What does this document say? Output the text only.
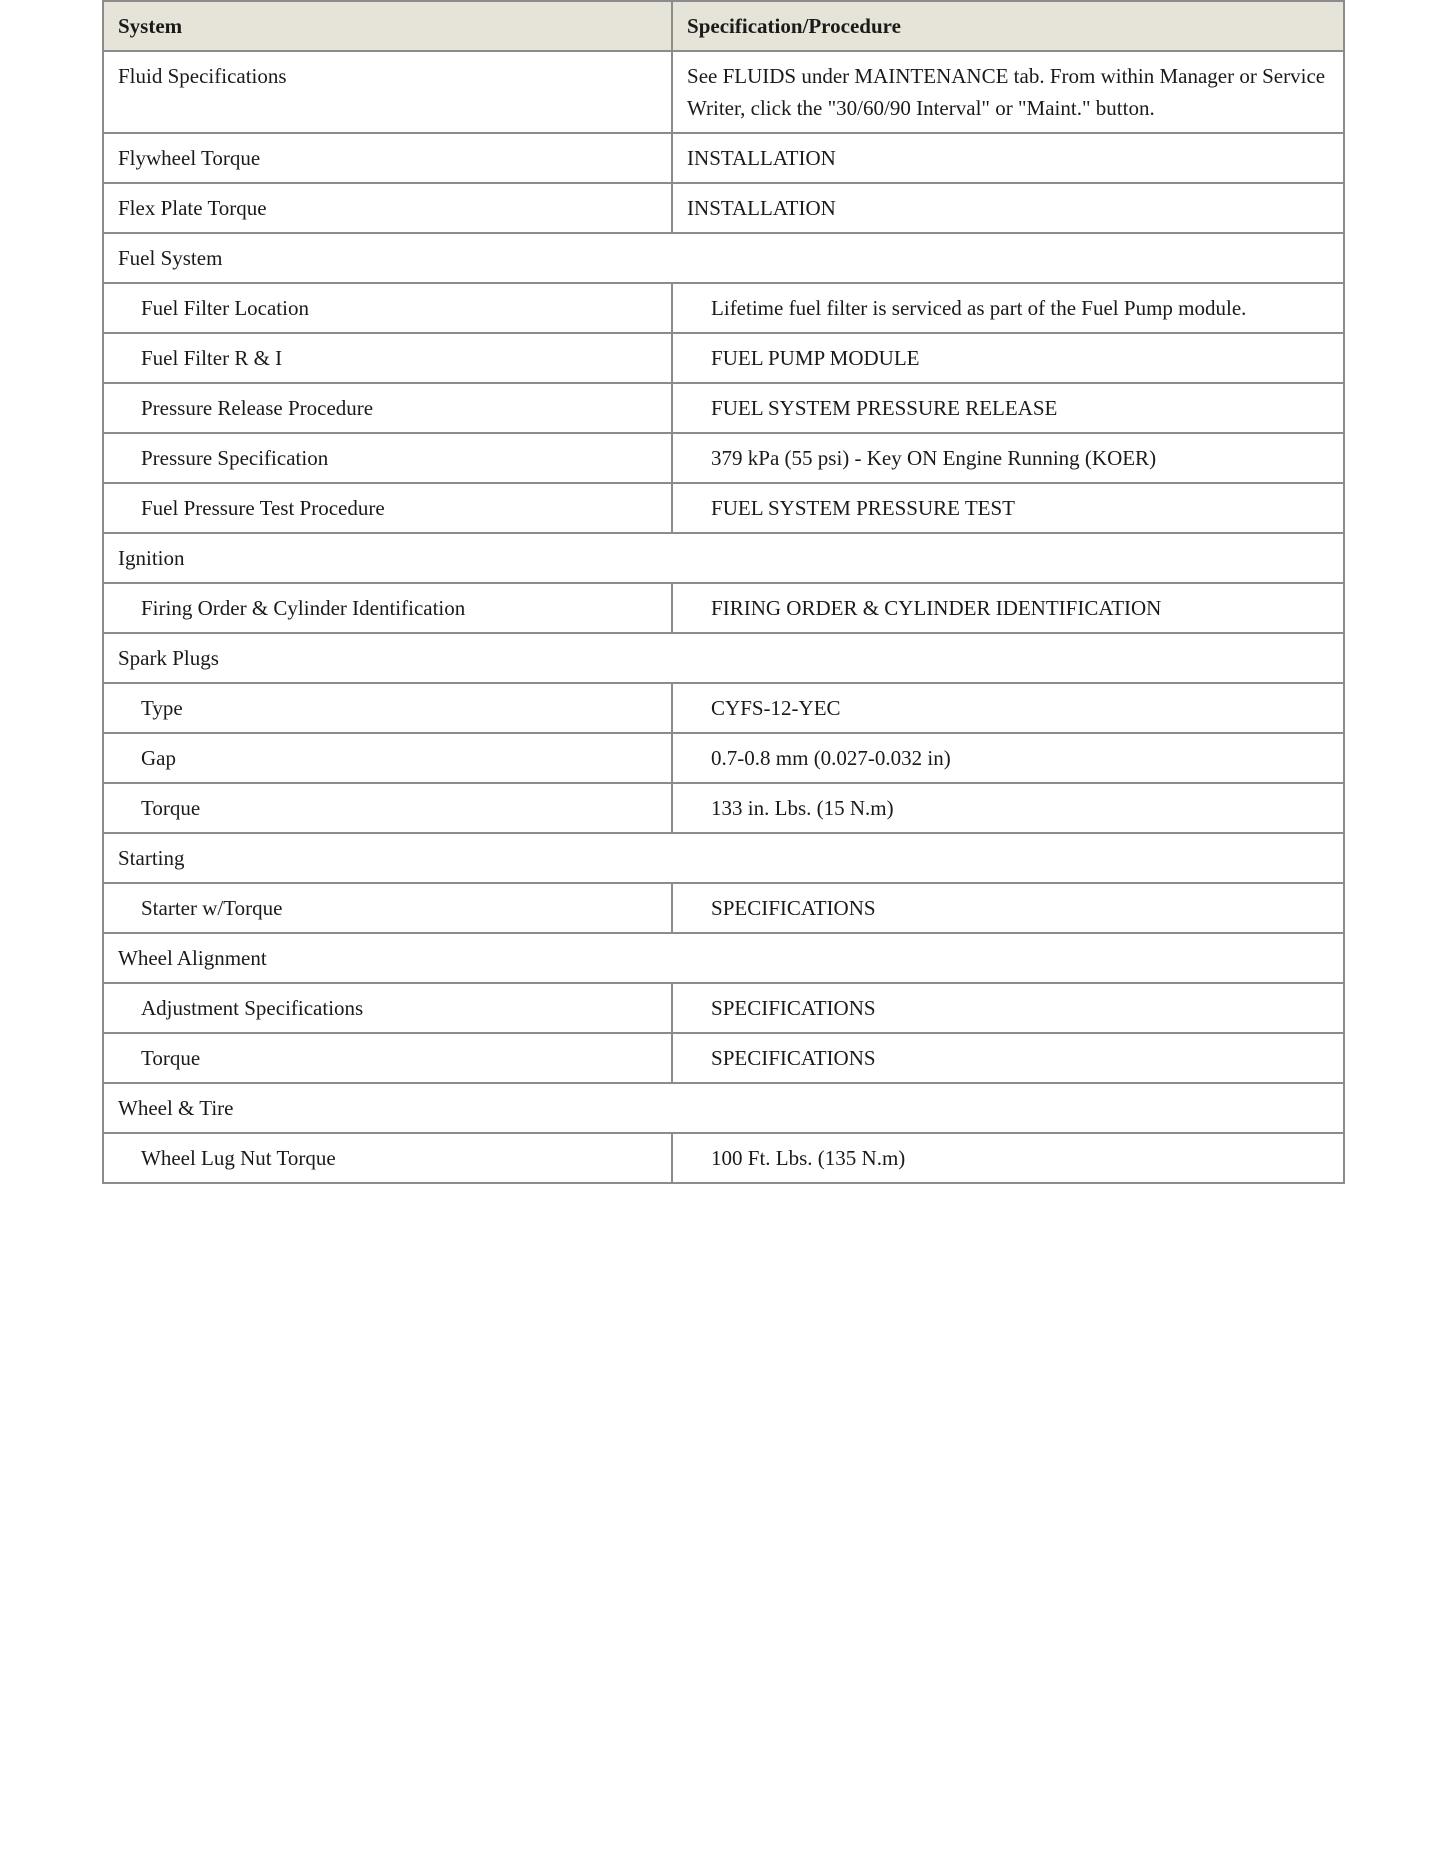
System	Specification/Procedure
Fluid Specifications	See FLUIDS under MAINTENANCE tab. From within Manager or Service Writer, click the "30/60/90 Interval" or "Maint." button.
Flywheel Torque	INSTALLATION
Flex Plate Torque	INSTALLATION
Fuel System	
Fuel Filter Location	Lifetime fuel filter is serviced as part of the Fuel Pump module.
Fuel Filter R & I	FUEL PUMP MODULE
Pressure Release Procedure	FUEL SYSTEM PRESSURE RELEASE
Pressure Specification	379 kPa (55 psi) - Key ON Engine Running (KOER)
Fuel Pressure Test Procedure	FUEL SYSTEM PRESSURE TEST
Ignition	
Firing Order & Cylinder Identification	FIRING ORDER & CYLINDER IDENTIFICATION
Spark Plugs	
Type	CYFS-12-YEC
Gap	0.7-0.8 mm (0.027-0.032 in)
Torque	133 in. Lbs. (15 N.m)
Starting	
Starter w/Torque	SPECIFICATIONS
Wheel Alignment	
Adjustment Specifications	SPECIFICATIONS
Torque	SPECIFICATIONS
Wheel & Tire	
Wheel Lug Nut Torque	100 Ft. Lbs. (135 N.m)
